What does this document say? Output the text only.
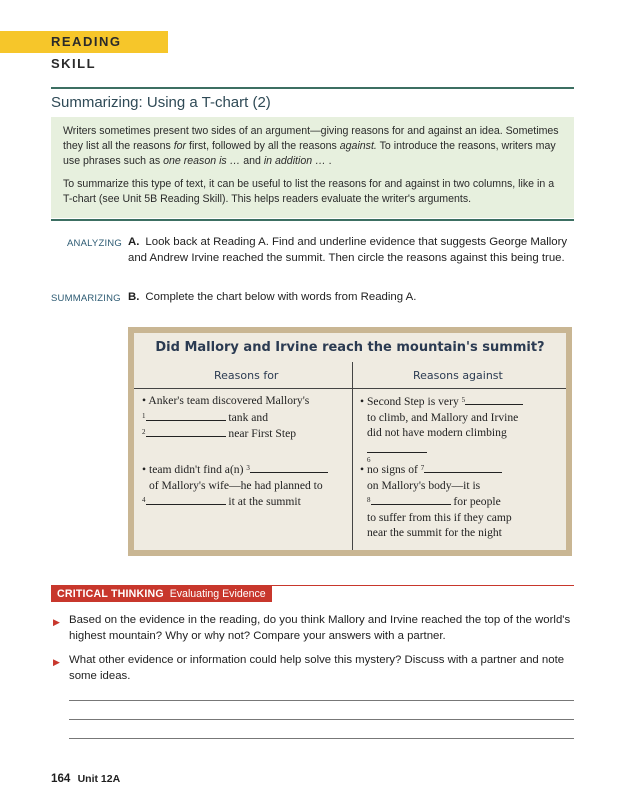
READING SKILL
Summarizing: Using a T-chart (2)

Writers sometimes present two sides of an argument—giving reasons for and against an idea. Sometimes they list all the reasons for first, followed by all the reasons against. To introduce the reasons, writers may use phrases such as one reason is … and in addition … .

To summarize this type of text, it can be useful to list the reasons for and against in two columns, like in a T-chart (see Unit 5B Reading Skill). This helps readers evaluate the writer's arguments.

ANALYZING A. Look back at Reading A. Find and underline evidence that suggests George Mallory and Andrew Irvine reached the summit. Then circle the reasons against this being true.
SUMMARIZING B. Complete the chart below with words from Reading A.
Did Mallory and Irvine reach the mountain's summit?
Reasons for	Reasons against
• Anker's team discovered Mallory's
$^1$	tank and
$^2$	near First Step
• team didn't find a(n) $^3$
of Mallory's wife—he had planned to
$^4$	it at the summit
• Second Step is very $^5$
to climb, and Mallory and Irvine
did not have modern climbing
$^6$
• no signs of $^7$
on Mallory's body—it is
$^8$	for people
to suffer from this if they camp
near the summit for the night
CRITICAL THINKING Evaluating Evidence
▶ Based on the evidence in the reading, do you think Mallory and Irvine reached the top of the world's highest mountain? Why or why not? Compare your answers with a partner.
▶ What other evidence or information could help solve this mystery? Discuss with a partner and note some ideas.
164 Unit 12A
